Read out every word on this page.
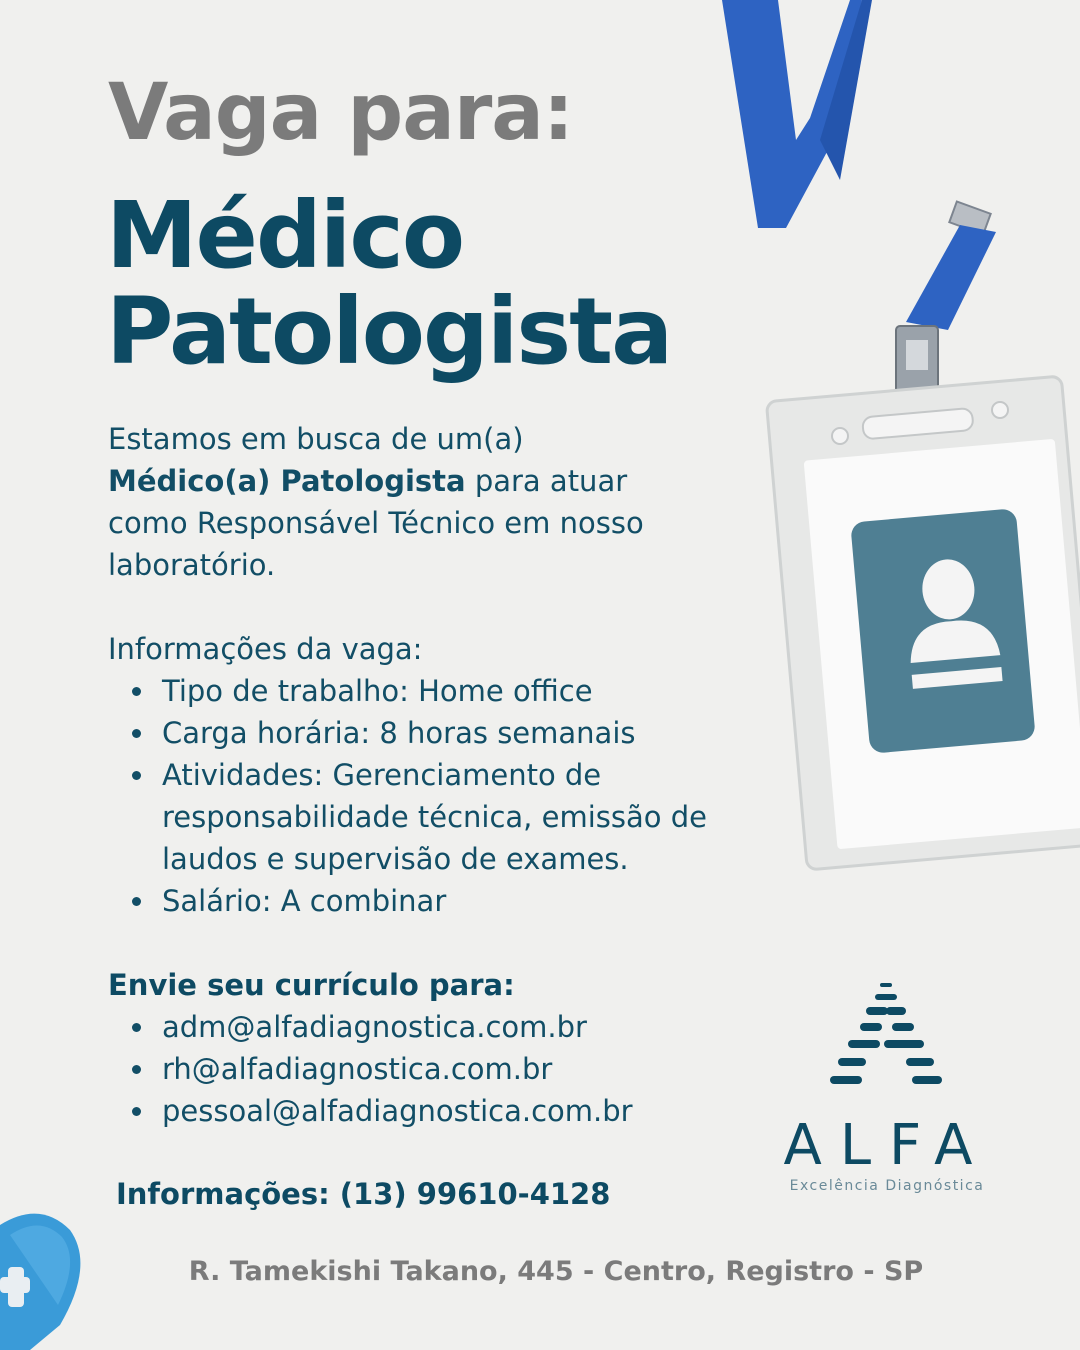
Vaga para:
Médico
Patologista
Estamos em busca de um(a)
Médico(a) Patologista para atuar
como Responsável Técnico em nosso
laboratório.
Informações da vaga:
Tipo de trabalho: Home office
Carga horária: 8 horas semanais
Atividades: Gerenciamento de responsabilidade técnica, emissão de laudos e supervisão de exames.
Salário: A combinar
Envie seu currículo para:
adm@alfadiagnostica.com.br
rh@alfadiagnostica.com.br
pessoal@alfadiagnostica.com.br
Informações: (13) 99610-4128
ALFA
Excelência Diagnóstica
R. Tamekishi Takano, 445 - Centro, Registro - SP
